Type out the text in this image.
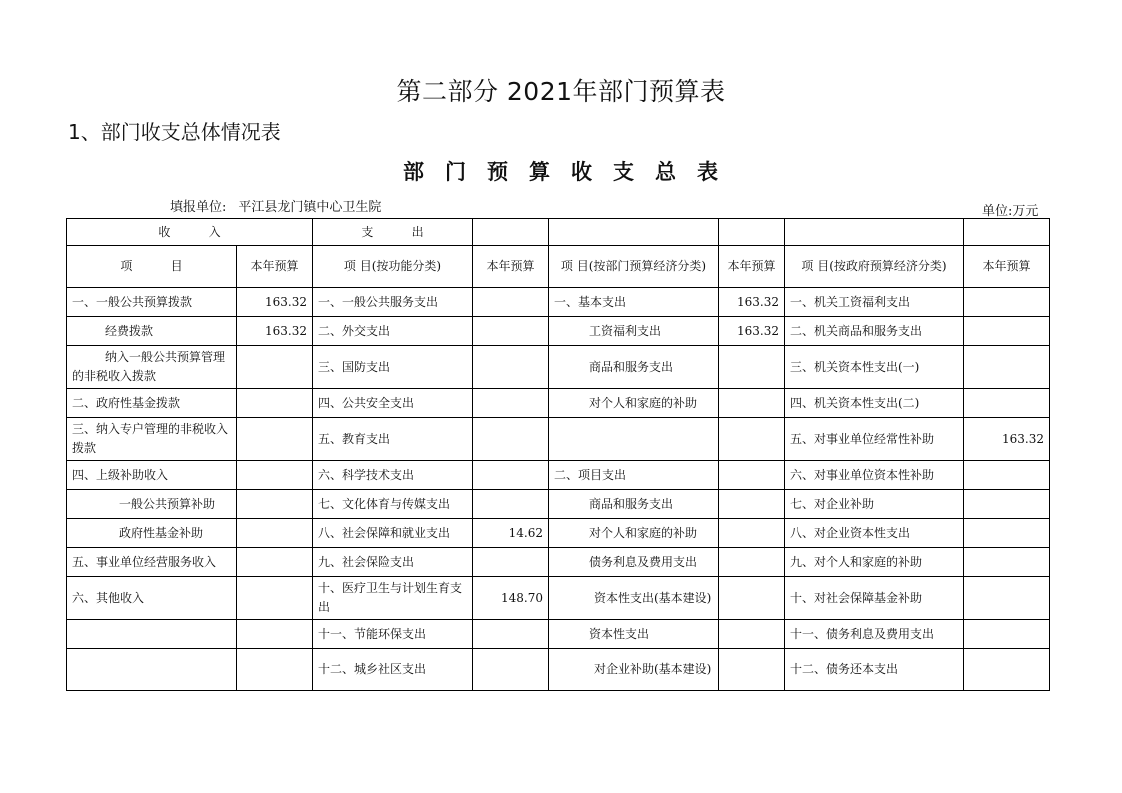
第二部分 2021年部门预算表
1、部门收支总体情况表
部门预算收支总表
填报单位: 平江县龙门镇中心卫生院	单位:万元
收          入		支          出					
项          目	本年预算	项 目(按功能分类)	本年预算	项 目(按部门预算经济分类)	本年预算	项 目(按政府预算经济分类)	本年预算
一、一般公共预算拨款	163.32	一、一般公共服务支出		一、基本支出	163.32	一、机关工资福利支出	
经费拨款	163.32	二、外交支出		工资福利支出	163.32	二、机关商品和服务支出	
纳入一般公共预算管理的非税收入拨款		三、国防支出		商品和服务支出		三、机关资本性支出(一)	
二、政府性基金拨款		四、公共安全支出		对个人和家庭的补助		四、机关资本性支出(二)	
三、纳入专户管理的非税收入拨款		五、教育支出				五、对事业单位经常性补助	163.32
四、上级补助收入		六、科学技术支出		二、项目支出		六、对事业单位资本性补助	
一般公共预算补助		七、文化体育与传媒支出		商品和服务支出		七、对企业补助	
政府性基金补助		八、社会保障和就业支出	14.62	对个人和家庭的补助		八、对企业资本性支出	
五、事业单位经营服务收入		九、社会保险支出		债务利息及费用支出		九、对个人和家庭的补助	
六、其他收入		十、医疗卫生与计划生育支出	148.70	资本性支出(基本建设)		十、对社会保障基金补助	
		十一、节能环保支出		资本性支出		十一、债务利息及费用支出	
		十二、城乡社区支出		对企业补助(基本建设)		十二、债务还本支出	
